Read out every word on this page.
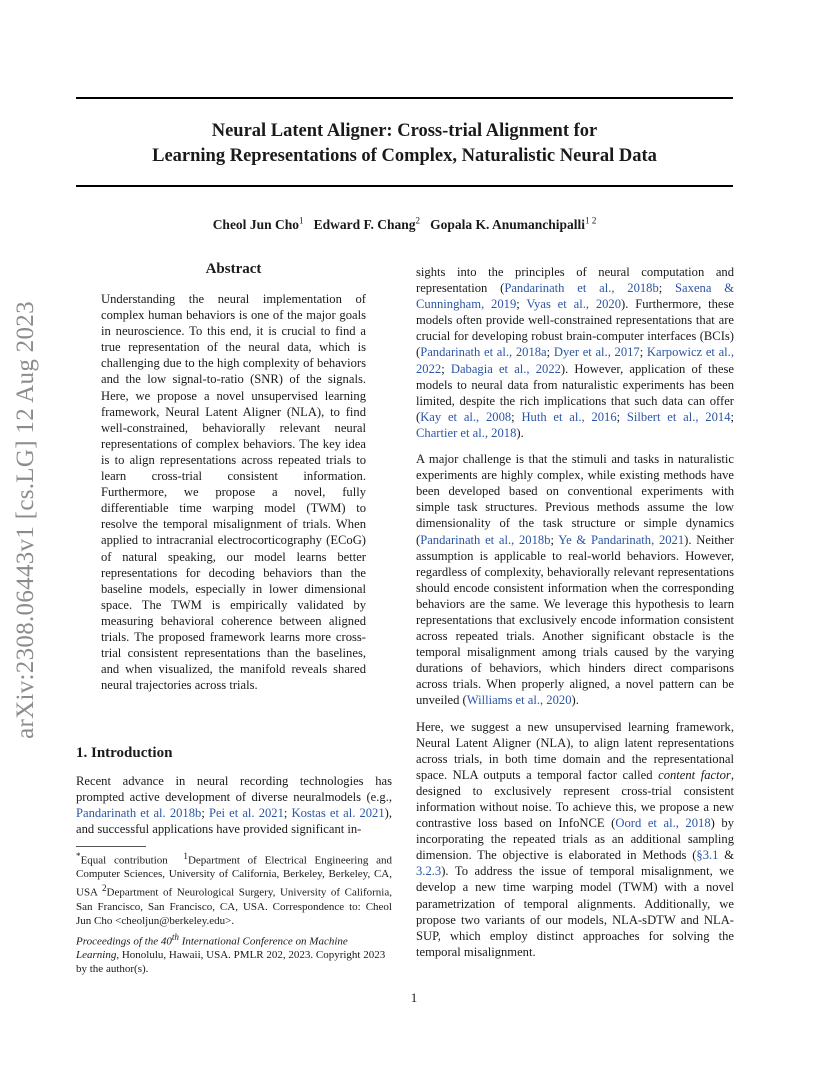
Neural Latent Aligner: Cross-trial Alignment for
Learning Representations of Complex, Naturalistic Neural Data
Cheol Jun Cho$^1$ Edward F. Chang$^2$ Gopala K. Anumanchipalli$^{1 2}$
arXiv:2308.06443v1 [cs.LG] 12 Aug 2023
Abstract

Understanding the neural implementation of complex human behaviors is one of the major goals in neuroscience. To this end, it is crucial to find a true representation of the neural data, which is challenging due to the high complexity of behaviors and the low signal-to-ratio (SNR) of the signals. Here, we propose a novel unsupervised learning framework, Neural Latent Aligner (NLA), to find well-constrained, behaviorally relevant neural representations of complex behaviors. The key idea is to align representations across repeated trials to learn cross-trial consistent information. Furthermore, we propose a novel, fully differentiable time warping model (TWM) to resolve the temporal misalignment of trials. When applied to intracranial electrocorticography (ECoG) of natural speaking, our model learns better representations for decoding behaviors than the baseline models, especially in lower dimensional space. The TWM is empirically validated by measuring behavioral coherence between aligned trials. The proposed framework learns more cross-trial consistent representations than the baselines, and when visualized, the manifold reveals shared neural trajectories across trials.

1. Introduction

Recent advance in neural recording technologies has prompted active development of diverse neuralmodels (e.g., Pandarinath et al. 2018b; Pei et al. 2021; Kostas et al. 2021), and successful applications have provided significant in-

*Equal contribution $^1$Department of Electrical Engineering and Computer Sciences, University of California, Berkeley, Berkeley, CA, USA $^2$Department of Neurological Surgery, University of California, San Francisco, San Francisco, CA, USA. Correspondence to: Cheol Jun Cho <cheoljun@berkeley.edu>.

Proceedings of the 40th International Conference on Machine Learning, Honolulu, Hawaii, USA. PMLR 202, 2023. Copyright 2023 by the author(s).

sights into the principles of neural computation and representation (Pandarinath et al., 2018b; Saxena & Cunningham, 2019; Vyas et al., 2020). Furthermore, these models often provide well-constrained representations that are crucial for developing robust brain-computer interfaces (BCIs) (Pandarinath et al., 2018a; Dyer et al., 2017; Karpowicz et al., 2022; Dabagia et al., 2022). However, application of these models to neural data from naturalistic experiments has been limited, despite the rich implications that such data can offer (Kay et al., 2008; Huth et al., 2016; Silbert et al., 2014; Chartier et al., 2018).

A major challenge is that the stimuli and tasks in naturalistic experiments are highly complex, while existing methods have been developed based on conventional experiments with simple task structures. Previous methods assume the low dimensionality of the task structure or simple dynamics (Pandarinath et al., 2018b; Ye & Pandarinath, 2021). Neither assumption is applicable to real-world behaviors. However, regardless of complexity, behaviorally relevant representations should encode consistent information when the corresponding behaviors are the same. We leverage this hypothesis to learn representations that exclusively encode information consistent across repeated trials. Another significant obstacle is the temporal misalignment among trials caused by the varying durations of behaviors, which hinders direct comparisons across trials. When properly aligned, a novel pattern can be unveiled (Williams et al., 2020).

Here, we suggest a new unsupervised learning framework, Neural Latent Aligner (NLA), to align latent representations across trials, in both time domain and the representational space. NLA outputs a temporal factor called content factor, designed to exclusively represent cross-trial consistent information without noise. To achieve this, we propose a new contrastive loss based on InfoNCE (Oord et al., 2018) by incorporating the repeated trials as an additional sampling dimension. The objective is elaborated in Methods (§3.1 & 3.2.3). To address the issue of temporal misalignment, we develop a new time warping model (TWM) with a novel parametrization of temporal alignments. Additionally, we propose two variants of our models, NLA-sDTW and NLA-SUP, which employ distinct approaches for solving the temporal misalignment.

1
